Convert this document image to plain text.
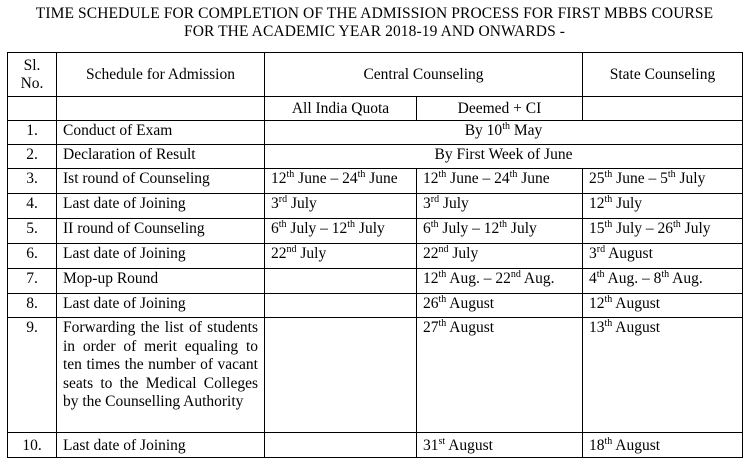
TIME SCHEDULE FOR COMPLETION OF THE ADMISSION PROCESS FOR FIRST MBBS COURSE
FOR THE ACADEMIC YEAR 2018-19 AND ONWARDS -
Sl. No.	Schedule for Admission	Central Counseling		State Counseling
		All India Quota	Deemed + CI	
1.	Conduct of Exam	By 10th May		
2.	Declaration of Result	By First Week of June		
3.	Ist round of Counseling	12th June – 24th June	12th June – 24th June	25th June – 5th July
4.	Last date of Joining	3rd July	3rd July	12th July
5.	II round of Counseling	6th July – 12th July	6th July – 12th July	15th July – 26th July
6.	Last date of Joining	22nd July	22nd July	3rd August
7.	Mop-up Round		12th Aug. – 22nd Aug.	4th Aug. – 8th Aug.
8.	Last date of Joining		26th August	12th August
9.	Forwarding the list of students in order of merit equaling to ten times the number of vacant seats to the Medical Colleges by the Counselling Authority		27th August	13th August
10.	Last date of Joining		31st August	18th August
